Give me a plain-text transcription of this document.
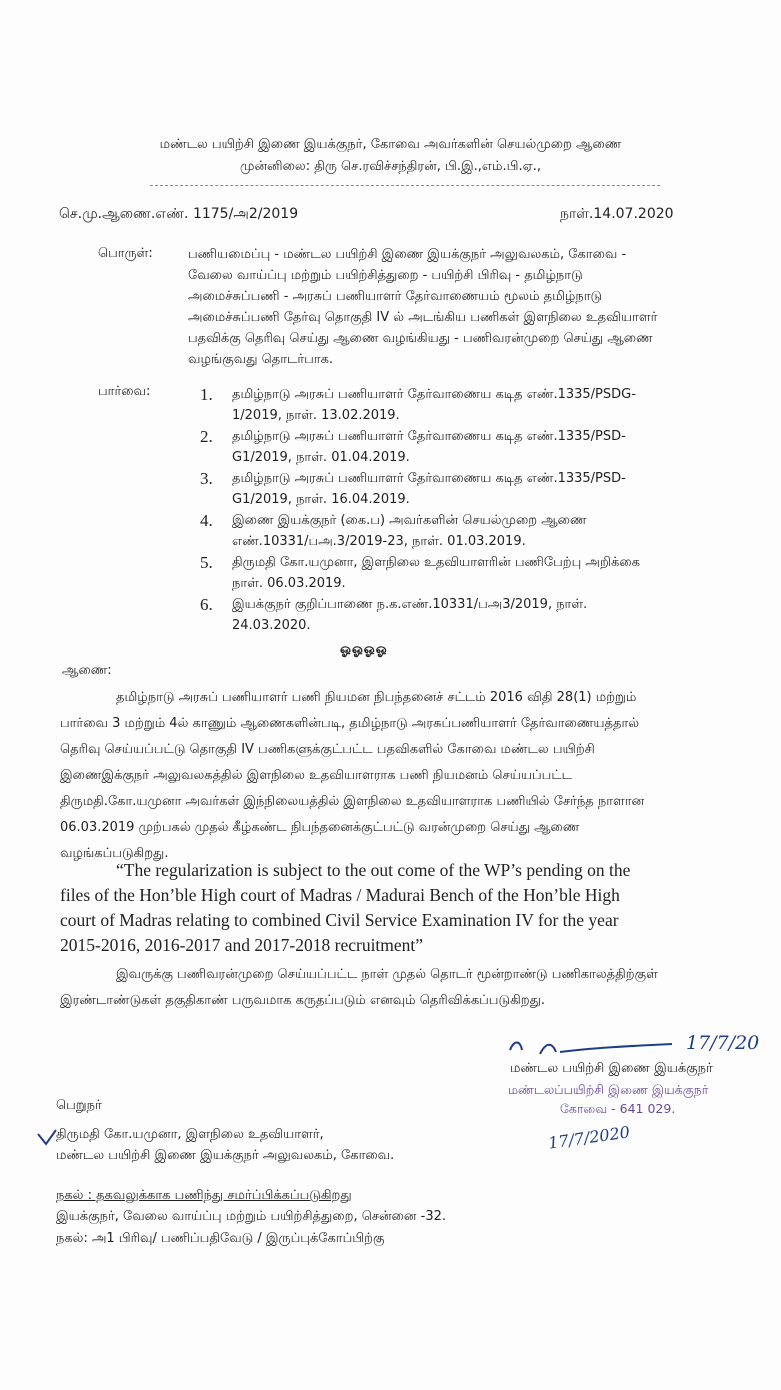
மண்டல பயிற்சி இணை இயக்குநர், கோவை அவர்களின் செயல்முறை ஆணை
முன்னிலை: திரு செ.ரவிச்சந்திரன், பி.இ.,எம்.பி.ஏ.,
செ.மு.ஆணை.எண். 1175/அ2/2019	நாள்.14.07.2020
பொருள்:	பணியமைப்பு - மண்டல பயிற்சி இணை இயக்குநர் அலுவலகம், கோவை -
வேலை வாய்ப்பு மற்றும் பயிற்சித்துறை - பயிற்சி பிரிவு - தமிழ்நாடு
அமைச்சுப்பணி - அரசுப் பணியாளர் தேர்வாணையம் மூலம் தமிழ்நாடு
அமைச்சுப்பணி தேர்வு தொகுதி IV ல் அடங்கிய பணிகள் இளநிலை உதவியாளர்
பதவிக்கு தெரிவு செய்து ஆணை வழங்கியது - பணிவரன்முறை செய்து ஆணை
வழங்குவது தொடர்பாக.
பார்வை:	1. தமிழ்நாடு அரசுப் பணியாளர் தேர்வாணைய கடித எண்.1335/PSDG-
1/2019, நாள். 13.02.2019.
2. தமிழ்நாடு அரசுப் பணியாளர் தேர்வாணைய கடித எண்.1335/PSD-
G1/2019, நாள். 01.04.2019.
3. தமிழ்நாடு அரசுப் பணியாளர் தேர்வாணைய கடித எண்.1335/PSD-
G1/2019, நாள். 16.04.2019.
4. இணை இயக்குநர் (கை.ப) அவர்களின் செயல்முறை ஆணை
எண்.10331/பஅ.3/2019-23, நாள். 01.03.2019.
5. திருமதி கோ.யமுனா, இளநிலை உதவியாளரின் பணிபேற்பு அறிக்கை
நாள். 06.03.2019.
6. இயக்குநர் குறிப்பாணை ந.க.எண்.10331/பஅ3/2019, நாள்.
24.03.2020.
ஓஓஓஓ
ஆணை:
தமிழ்நாடு அரசுப் பணியாளர் பணி நியமன நிபந்தனைச் சட்டம் 2016 விதி 28(1) மற்றும்
பார்வை 3 மற்றும் 4ல் காணும் ஆணைகளின்படி, தமிழ்நாடு அரசுப்பணியாளர் தேர்வாணையத்தால்
தெரிவு செய்யப்பட்டு தொகுதி IV பணிகளுக்குட்பட்ட பதவிகளில் கோவை மண்டல பயிற்சி
இணைஇக்குநர் அலுவலகத்தில் இளநிலை உதவியாளராக பணி நியமனம் செய்யப்பட்ட
திருமதி.கோ.யமுனா அவர்கள் இந்நிலையத்தில் இளநிலை உதவியாளராக பணியில் சேர்ந்த நாளான
06.03.2019 முற்பகல் முதல் கீழ்கண்ட நிபந்தனைக்குட்பட்டு வரன்முறை செய்து ஆணை
வழங்கப்படுகிறது.
“The regularization is subject to the out come of the WP’s pending on the
files of the Hon’ble High court of Madras / Madurai Bench of the Hon’ble High
court of Madras relating to combined Civil Service Examination IV for the year
2015-2016, 2016-2017 and 2017-2018 recruitment”
இவருக்கு பணிவரன்முறை செய்யப்பட்ட நாள் முதல் தொடர் மூன்றாண்டு பணிகாலத்திற்குள்
இரண்டாண்டுகள் தகுதிகாண் பருவமாக கருதப்படும் எனவும் தெரிவிக்கப்படுகிறது.
17/7/20
மண்டல பயிற்சி இணை இயக்குநர்
மண்டலப்பயிற்சி இணை இயக்குநர்
கோவை - 641 029.
17/7/2020
பெறுநர்
திருமதி கோ.யமுனா, இளநிலை உதவியாளர்,
மண்டல பயிற்சி இணை இயக்குநர் அலுவலகம், கோவை.
நகல் : தகவலுக்காக பணிந்து சமர்ப்பிக்கப்படுகிறது
இயக்குநர், வேலை வாய்ப்பு மற்றும் பயிற்சித்துறை, சென்னை -32.
நகல்: அ1 பிரிவு/ பணிப்பதிவேடு / இருப்புக்கோப்பிற்கு
